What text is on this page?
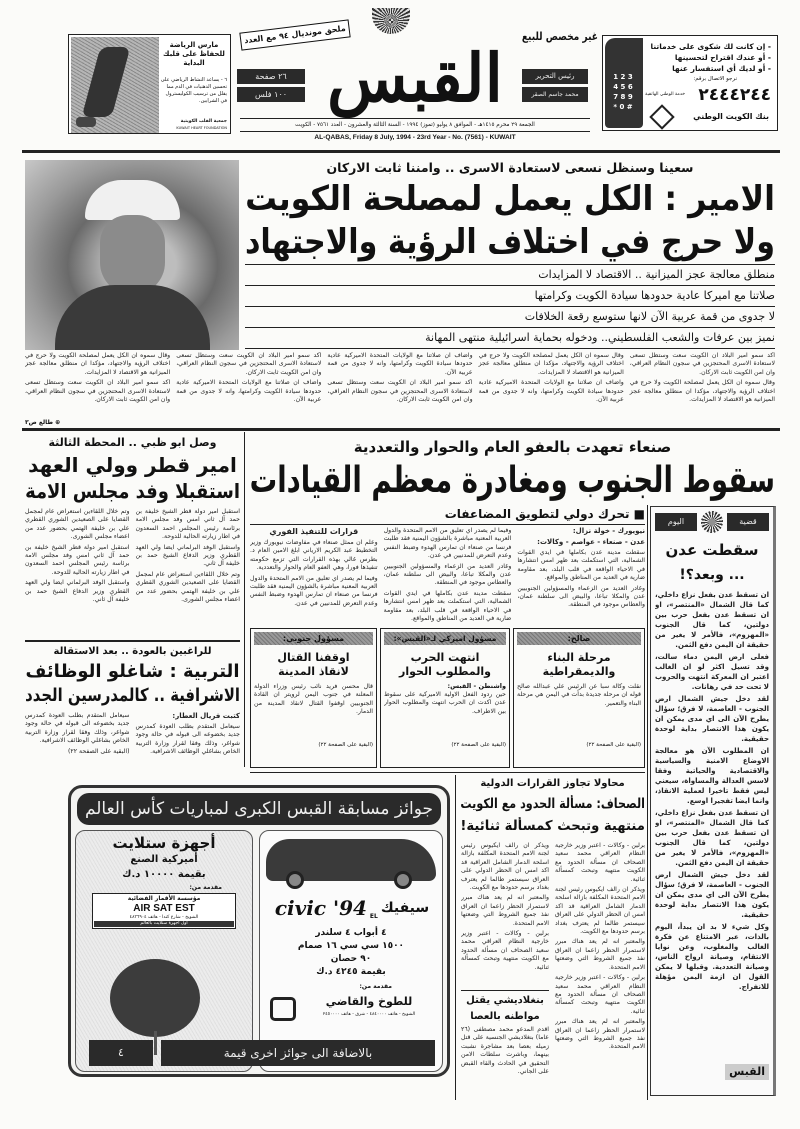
مارس الرياضة للحفاظ على قلبك البداية
٦ - يساعد النشاط الرياضي على تحسين الدهنيات في الدم مما يقلل من ترسيب الكوليسترول في الشرايين.
جمعية القلب الكويتية
KUWAIT HEART FOUNDATION
ملحق موندیال ٩٤ مع العدد	غير مخصص للبيع
٢٦ صفحة
١٠٠ فلس القبس	رئيس التحرير
محمد جاسم الصقر
الجمعة ٢٩ محرم ١٤١٥هـ - الموافق ٨ يوليو (تموز) ١٩٩٤ - السنة الثالثة والعشرون - العدد ٧٥٦١ - الكويت
AL-QABAS, Friday 8 July, 1994 - 23rd Year - No. (7561) - KUWAIT
1 2 3
4 5 6
7 8 9
* 0 #
- إن كانت لك شكوى على خدماتنا
- أو عندك اقتراح لتحسينها
- أو لديك أي استفسار عنها
نرجو الاتصال برقم:
٢٤٤٤٢٤٤
خدمة الوطني الهاتفية
بنك الكويت الوطني
سعينا وسنظل نسعى لاستعادة الاسرى .. وامننا ثابت الاركان
الامير : الكل يعمل لمصلحة الكويت
ولا حرج في اختلاف الرؤية والاجتهاد
منطلق معالجة عجز الميزانية .. الاقتصاد لا المزايدات
صلاتنا مع اميركا عادية حدودها سيادة الكويت وكرامتها
لا جدوى من قمة عربية الآن لانها ستوسع رقعة الخلافات
نميز بين عرفات والشعب الفلسطيني.. ودخوله بحماية اسرائيلية منتهى المهانة

اكد سمو امير البلاد ان الكويت سعت وستظل تسعى لاستعادة الاسرى المحتجزين في سجون النظام العراقي، وان امن الكويت ثابت الاركان.

وقال سموه ان الكل يعمل لمصلحة الكويت ولا حرج في اختلاف الرؤية والاجتهاد، مؤكدا ان منطلق معالجة عجز الميزانية هو الاقتصاد لا المزايدات.

وقال سموه ان الكل يعمل لمصلحة الكويت ولا حرج في اختلاف الرؤية والاجتهاد، مؤكدا ان منطلق معالجة عجز الميزانية هو الاقتصاد لا المزايدات.

واضاف ان صلاتنا مع الولايات المتحدة الاميركية عادية حدودها سيادة الكويت وكرامتها، وانه لا جدوى من قمة عربية الآن.

واضاف ان صلاتنا مع الولايات المتحدة الاميركية عادية حدودها سيادة الكويت وكرامتها، وانه لا جدوى من قمة عربية الآن.

اكد سمو امير البلاد ان الكويت سعت وستظل تسعى لاستعادة الاسرى المحتجزين في سجون النظام العراقي، وان امن الكويت ثابت الاركان.

اكد سمو امير البلاد ان الكويت سعت وستظل تسعى لاستعادة الاسرى المحتجزين في سجون النظام العراقي، وان امن الكويت ثابت الاركان.

واضاف ان صلاتنا مع الولايات المتحدة الاميركية عادية حدودها سيادة الكويت وكرامتها، وانه لا جدوى من قمة عربية الآن.

وقال سموه ان الكل يعمل لمصلحة الكويت ولا حرج في اختلاف الرؤية والاجتهاد، مؤكدا ان منطلق معالجة عجز الميزانية هو الاقتصاد لا المزايدات.

اكد سمو امير البلاد ان الكويت سعت وستظل تسعى لاستعادة الاسرى المحتجزين في سجون النظام العراقي، وان امن الكويت ثابت الاركان.

⊕ طالع ص٣
وصل ابو ظبي .. المحطة الثالثة
امير قطر وولي العهد
استقبلا وفد مجلس الامة

استقبل امير دولة قطر الشيخ خليفة بن حمد آل ثاني امس وفد مجلس الامة برئاسة رئيس المجلس احمد السعدون في اطار زيارته الحالية للدوحة.

واستقبل الوفد البرلماني ايضا ولي العهد القطري وزير الدفاع الشيخ حمد بن خليفة آل ثاني.

وتم خلال اللقاءين استعراض عام لمجمل القضايا على الصعيدين الشوري القطري علي بن خليفة الهتمي بحضور عدد من اعضاء مجلس الشورى.

وتم خلال اللقاءين استعراض عام لمجمل القضايا على الصعيدين الشوري القطري علي بن خليفة الهتمي بحضور عدد من اعضاء مجلس الشورى.

استقبل امير دولة قطر الشيخ خليفة بن حمد آل ثاني امس وفد مجلس الامة برئاسة رئيس المجلس احمد السعدون في اطار زيارته الحالية للدوحة.

واستقبل الوفد البرلماني ايضا ولي العهد القطري وزير الدفاع الشيخ حمد بن خليفة آل ثاني.

للراغبين بالعودة .. بعد الاستقالة
التربية : شاغلو الوظائف
الاشرافية .. كالمدرسين الجدد

كتبت فريال العطار:

سيعامل المتقدم بطلب العودة كمدرس جديد بخضوعه الى قبوله في حالة وجود شواغر، وذلك وفقا لقرار وزارة التربية الخاص بشاغلي الوظائف الاشرافية.

سيعامل المتقدم بطلب العودة كمدرس جديد بخضوعه الى قبوله في حالة وجود شواغر، وذلك وفقا لقرار وزارة التربية الخاص بشاغلي الوظائف الاشرافية.

(البقية على الصفحة ٢٢)

صنعاء تعهدت بالعفو العام والحوار والتعددية
سقوط الجنوب ومغادرة معظم القيادات
■ تحرك دولي لتطويق المضاعفات

نيويورك - خولة نزال:

عدن - صنعاء - عواصم - وكالات:

سقطت مدينة عدن بكاملها في ايدي القوات الشمالية، التي استكملت بعد ظهر امس انتشارها في الاحياء الواقعة في قلب البلد، بعد مقاومة ضارية في العديد من المناطق والمواقع.

وغادر العديد من الزعماء والمسؤولين الجنوبيين عدن والمكلا تباعا، والبيض الى سلطنة عمان، والعطاس موجود في المنطقة.

وفيما لم يصدر اي تعليق من الامم المتحدة والدول العربية المعنية مباشرة بالشؤون اليمنية فقد طلبت فرنسا من صنعاء ان تمارس الهدوء وضبط النفس وعدم التعرض للمدنيين في عدن.

وغادر العديد من الزعماء والمسؤولين الجنوبيين عدن والمكلا تباعا، والبيض الى سلطنة عمان، والعطاس موجود في المنطقة.

سقطت مدينة عدن بكاملها في ايدي القوات الشمالية، التي استكملت بعد ظهر امس انتشارها في الاحياء الواقعة في قلب البلد، بعد مقاومة ضارية في العديد من المناطق والمواقع.

قرارات للتنفيذ الفوري

وعلم ان ممثل صنعاء في مفاوضات نيويورك وزير التخطيط عبد الكريم الارياني ابلغ الامين العام د. بطرس غالي بهذه القرارات التي تزمع حكومته تنفيذها فورا، وهي العفو العام والحوار والتعددية.

وفيما لم يصدر اي تعليق من الامم المتحدة والدول العربية المعنية مباشرة بالشؤون اليمنية فقد طلبت فرنسا من صنعاء ان تمارس الهدوء وضبط النفس وعدم التعرض للمدنيين في عدن.

صالح:
مرحلة البناء
والديمقراطية
نقلت وكالة سبأ عن الرئيس علي عبدالله صالح قوله ان مرحلة جديدة بدأت في اليمن هي مرحلة البناء والتعمير.
(البقية على الصفحة ٢٢)
مسؤول اميركي لـ«القبس»:
انتهت الحرب
والمطلوب الحوار
واشنطن - القبس:
حين ردود الفعل الاولية الاميركية على سقوط عدن اكدت ان الحرب انتهت والمطلوب الحوار بين الاطراف.
(البقية على الصفحة ٢٢)
مسؤول جنوبي:
اوقفنا القتال
لانقاذ المدينة
قال محسن فريد نائب رئيس وزراء الدولة المعلنة في جنوب اليمن لرويتر ان القادة الجنوبيين اوقفوا القتال لانقاذ المدينة من الدمار.
(البقية على الصفحة ٢٢)
قضية
اليوم
سقطت عدن
... وبعد؟!

ان تسقط عدن بفعل نزاع داخلي، كما قال الشمال «المنتصر»، او ان تسقط عدن بفعل حرب بين دولتين، كما قال الجنوب «المهزوم»، فالأمر لا يغير من حقيقة ان اليمن دفع الثمن.

فعلى ارض اليمن دماء سالت، وقد تسيل اكثر لو ان الغالب اعتبر ان المعركة انتهت والحروب لا تحت حد في رهانات.

لقد دخل جيش الشمال ارض الجنوب - العاصمة، لا فرق؛ سؤال يطرح الآن الى اي مدى يمكن ان يكون هذا الانتصار بداية لوحدة حقيقية.

ان المطلوب الآن هو معالجة الاوضاع الامنية والسياسية والاقتصادية والحياتية وفقا لاسس العدالة والمساواة، سيعني ليس فقط تاخيرا لعملية الانقاذ، وانما ايضا تفجيرا اوسع.

ان تسقط عدن بفعل نزاع داخلي، كما قال الشمال «المنتصر»، او ان تسقط عدن بفعل حرب بين دولتين، كما قال الجنوب «المهزوم»، فالأمر لا يغير من حقيقة ان اليمن دفع الثمن.

لقد دخل جيش الشمال ارض الجنوب - العاصمة، لا فرق؛ سؤال يطرح الآن الى اي مدى يمكن ان يكون هذا الانتصار بداية لوحدة حقيقية.

وكل شيء لا بد ان يبدأ، اليوم بالذات، عبر الامتناع عن فكرة الغالب والمغلوب، وعن نوايا الانتقام، وصيانة ارواح الناس، وصيانة التعددية. وقبلها لا يمكن القول ان ازمة اليمن مؤهلة للانفراج.

القبس
محاولا تجاوز القرارات الدولية
الصحاف: مسألة الحدود مع الكويت
منتهية وتبحث كمسألة ثنائية!

برلين - وكالات - اعتبر وزير خارجية النظام العراقي محمد سعيد الصحاف ان مسألة الحدود مع الكويت منتهية وتبحث كمسألة ثنائية.

ويذكر ان رالف ايكيوس رئيس لجنة الامم المتحدة المكلفة بازالة اسلحة الدمار الشامل العراقية قد اكد امس ان الحظر الدولي على العراق سيستمر طالما لم يعترف بغداد برسم حدودها مع الكويت.

والمعتبر انه لم يعد هناك مبرر لاستمرار الحظر زاعما ان العراق نفذ جميع الشروط التي وضعتها الامم المتحدة.

برلين - وكالات - اعتبر وزير خارجية النظام العراقي محمد سعيد الصحاف ان مسألة الحدود مع الكويت منتهية وتبحث كمسألة ثنائية.

والمعتبر انه لم يعد هناك مبرر لاستمرار الحظر زاعما ان العراق نفذ جميع الشروط التي وضعتها الامم المتحدة.

ويذكر ان رالف ايكيوس رئيس لجنة الامم المتحدة المكلفة بازالة اسلحة الدمار الشامل العراقية قد اكد امس ان الحظر الدولي على العراق سيستمر طالما لم يعترف بغداد برسم حدودها مع الكويت.

والمعتبر انه لم يعد هناك مبرر لاستمرار الحظر زاعما ان العراق نفذ جميع الشروط التي وضعتها الامم المتحدة.

برلين - وكالات - اعتبر وزير خارجية النظام العراقي محمد سعيد الصحاف ان مسألة الحدود مع الكويت منتهية وتبحث كمسألة ثنائية.

بنغلاديشي يقتل
مواطنه بالعصا
اقدم المدعو محمد مصطفى (٢٦ عاما) بنغلاديشي الجنسية على قتل زميله بعصا بعد مشاجرة نشبت بينهما، وباشرت سلطات الامن التحقيق في الحادث والقاء القبض على الجاني.
جوائز مسابقة القبس الكبرى لمباريات كأس العالم
أجهزة ستلايت
أميركية الصنع
بقيمة ١٠٠٠٠ د.ك
مقدمة من:
مؤسسة الأقمار الفضائية
AIR SAT EST
الشويخ - شارع كندا - هاتف ٤٨٣٦٩٠٤
اول اجهزة ستلايت بالعالم
civic '94 EL
سيفيك
٤ أبواب ٤ سلندر
١٥٠٠ سي سي ١٦ صمام
٩٠ حصان
بقيمة ٤٢٤٥ د.ك
مقدمة من:
للطوخ والقاضي
الشويخ - هاتف ٤٨٤٠٠٠٠ - شرق - هاتف ٢٤٥٠٠٠٠
٤	بالاضافة الى جوائز اخرى قيمة
